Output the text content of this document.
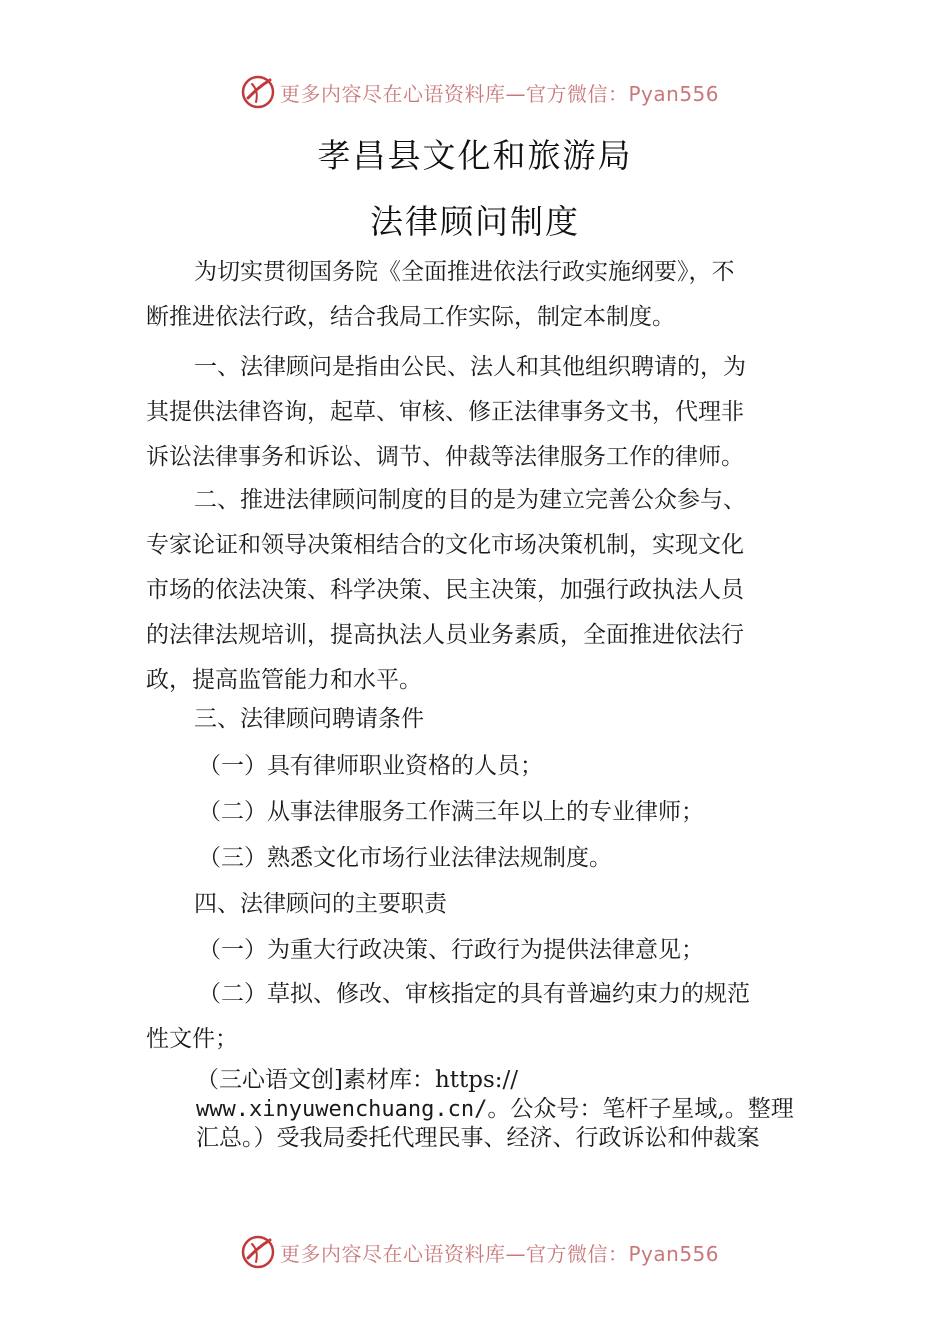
更多内容尽在心语资料库—官方微信：Pyan556
孝昌县文化和旅游局
法律顾问制度

为切实贯彻国务院《全面推进依法行政实施纲要》，不
断推进依法行政，结合我局工作实际，制定本制度。

一、法律顾问是指由公民、法人和其他组织聘请的，为
其提供法律咨询，起草、审核、修正法律事务文书，代理非
诉讼法律事务和诉讼、调节、仲裁等法律服务工作的律师。

二、推进法律顾问制度的目的是为建立完善公众参与、
专家论证和领导决策相结合的文化市场决策机制，实现文化
市场的依法决策、科学决策、民主决策，加强行政执法人员
的法律法规培训，提高执法人员业务素质，全面推进依法行
政，提高监管能力和水平。

三、法律顾问聘请条件

（一）具有律师职业资格的人员；

（二）从事法律服务工作满三年以上的专业律师；

（三）熟悉文化市场行业法律法规制度。

四、法律顾问的主要职责

（一）为重大行政决策、行政行为提供法律意见；

（二）草拟、修改、审核指定的具有普遍约束力的规范
性文件；

（三心语文创]素材库：https://
www.xinyuwenchuang.cn/。公众号：笔杆子星域,。整理
汇总。）受我局委托代理民事、经济、行政诉讼和仲裁案
更多内容尽在心语资料库—官方微信：Pyan556
